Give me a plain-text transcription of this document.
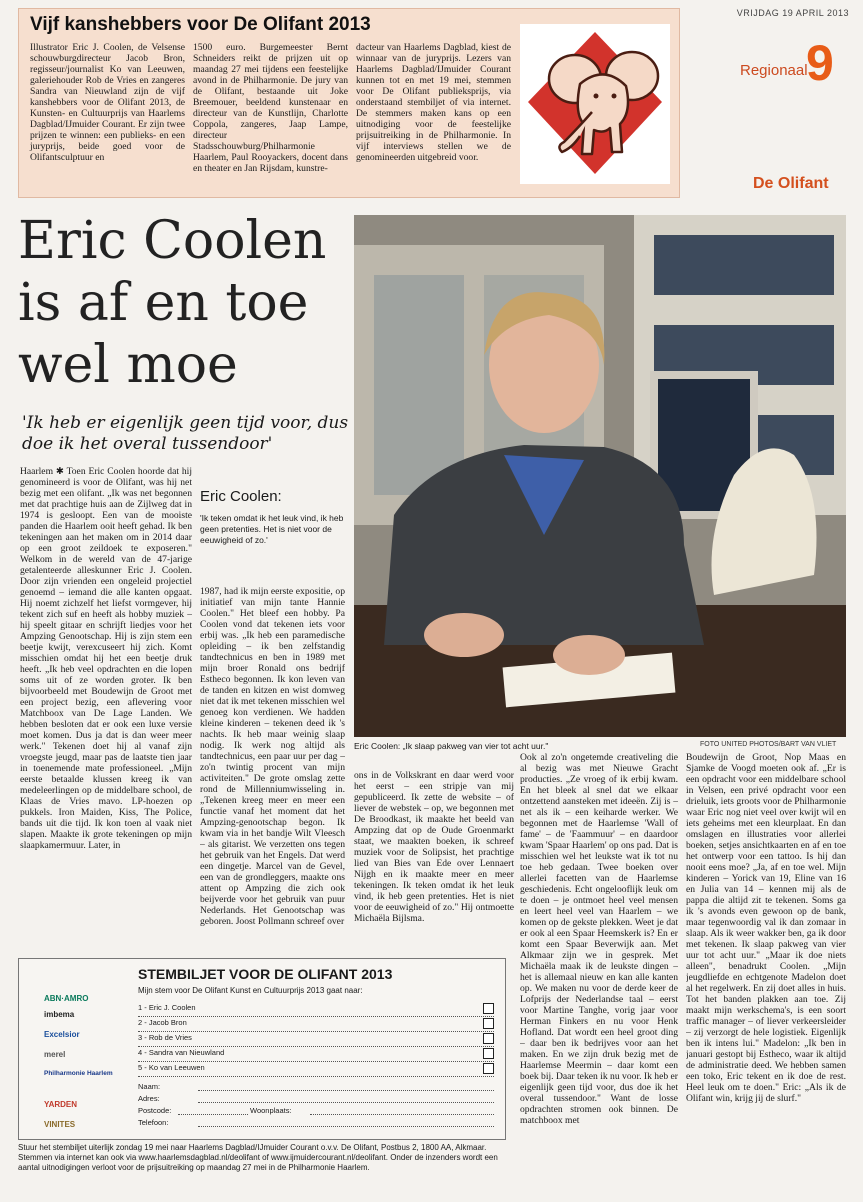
Vijf kanshebbers voor De Olifant 2013
Illustrator Eric J. Coolen, de Velsense schouwburgdirecteur Jacob Bron, regisseur/journalist Ko van Leeuwen, galeriehouder Rob de Vries en zangeres Sandra van Nieuwland zijn de vijf kanshebbers voor de Olifant 2013, de Kunsten- en Cultuurprijs van Haarlems Dagblad/IJmuider Courant. Er zijn twee prijzen te winnen: een publieks- en een juryprijs, beide goed voor de Olifantsculptuur en
1500 euro. Burgemeester Bernt Schneiders reikt de prijzen uit op maandag 27 mei tijdens een feestelijke avond in de Philharmonie. De jury van de Olifant, bestaande uit Joke Breemouer, beeldend kunstenaar en directeur van de Kunstlijn, Charlotte Coppola, zangeres, Jaap Lampe, directeur Stadsschouwburg/Philharmonie Haarlem, Paul Rooyackers, docent dans en theater en Jan Rijsdam, kunstre-
dacteur van Haarlems Dagblad, kiest de winnaar van de juryprijs. Lezers van Haarlems Dagblad/IJmuider Courant kunnen tot en met 19 mei, stemmen voor De Olifant publieksprijs, via onderstaand stembiljet of via internet. De stemmers maken kans op een uitnodiging voor de feestelijke prijsuitreiking in de Philharmonie. In vijf interviews stellen we de genomineerden uitgebreid voor.
VRIJDAG 19 APRIL 2013
Regionaal
9
De Olifant
Eric Coolen
is af en toe
wel moe
'Ik heb er eigenlijk geen tijd voor, dus doe ik het overal tussendoor'
Eric Coolen: „Ik slaap pakweg van vier tot acht uur."	FOTO UNITED PHOTOS/BART VAN VLIET
Eric Coolen:
'Ik teken omdat ik het leuk vind, ik heb geen pretenties. Het is niet voor de eeuwigheid of zo.'
Haarlem ✱ Toen Eric Coolen hoorde dat hij genomineerd is voor de Olifant, was hij net bezig met een olifant. „Ik was net begonnen met dat prachtige huis aan de Zijlweg dat in 1974 is gesloopt. Een van de mooiste panden die Haarlem ooit heeft gehad. Ik ben tekeningen aan het maken om in 2014 daar op een groot zeildoek te exposeren." Welkom in de wereld van de 47-jarige getalenteerde alleskunner Eric J. Coolen. Door zijn vrienden een ongeleid projectiel genoemd – iemand die alle kanten opgaat. Hij noemt zichzelf het liefst vormgever, hij tekent zich suf en heeft als hobby muziek – hij speelt gitaar en schrijft liedjes voor het Ampzing Genootschap. Hij is zijn stem een beetje kwijt, verexcuseert hij zich. Komt misschien omdat hij het een beetje druk heeft. „Ik heb veel opdrachten en die lopen soms uit of ze worden groter. Ik ben bijvoorbeeld met Boudewijn de Groot met een project bezig, een aflevering voor Matchboox van De Lage Landen. We hebben besloten dat er ook een luxe versie moet komen. Dus ja dat is dan weer meer werk." Tekenen doet hij al vanaf zijn vroegste jeugd, maar pas de laatste tien jaar in toenemende mate professioneel. „Mijn eerste betaalde klussen kreeg ik van medeleerlingen op de middelbare school, de Klaas de Vries mavo. LP-hoezen op pukkels. Iron Maiden, Kiss, The Police, bands uit die tijd. Ik kon toen al vaak niet slapen. Maakte ik grote tekeningen op mijn slaapkamermuur. Later, in
1987, had ik mijn eerste expositie, op initiatief van mijn tante Hannie Coolen." Het bleef een hobby. Pa Coolen vond dat tekenen iets voor erbij was. „Ik heb een paramedische opleiding – ik ben zelfstandig tandtechnicus en ben in 1989 met mijn broer Ronald ons bedrijf Estheco begonnen. Ik kon leven van de tanden en kitzen en wist domweg niet dat ik met tekenen misschien wel genoeg kon verdienen. We hadden kleine kinderen – tekenen deed ik 's nachts. Ik heb maar weinig slaap nodig. Ik werk nog altijd als tandtechnicus, een paar uur per dag – zo'n twintig procent van mijn activiteiten." De grote omslag zette rond de Millenniumwisseling in. „Tekenen kreeg meer en meer een functie vanaf het moment dat het Ampzing-genootschap begon. Ik kwam via in het bandje Wilt Vleesch – als gitarist. We verzetten ons tegen het gebruik van het Engels. Dat werd een dingetje. Marcel van de Gevel, een van de grondleggers, maakte ons attent op Ampzing die zich ook beijverde voor het gebruik van puur Nederlands. Het Genootschap was geboren. Joost Pollmann schreef over
ons in de Volkskrant en daar werd voor het eerst – een stripje van mij gepubliceerd. Ik zette de website – of liever de webstek – op, we begonnen met De Broodkast, ik maakte het beeld van Ampzing dat op de Oude Groenmarkt staat, we maakten boeken, ik schreef muziek voor de Solipsist, het prachtige lied van Bies van Ede over Lennaert Nijgh en ik maakte meer en meer tekeningen. Ik teken omdat ik het leuk vind, ik heb geen pretenties. Het is niet voor de eeuwigheid of zo." Hij ontmoette Michaëla Bijlsma.
Ook al zo'n ongetemde creativeling die al bezig was met Nieuwe Gracht producties. „Ze vroeg of ik erbij kwam. En het bleek al snel dat we elkaar ontzettend aansteken met ideeën. Zij is – net als ik – een keiharde werker. We begonnen met de Haarlemse 'Wall of fame' – de 'Faammuur' – en daardoor kwam 'Spaar Haarlem' op ons pad. Dat is misschien wel het leukste wat ik tot nu toe heb gedaan. Twee boeken over allerlei facetten van de Haarlemse geschiedenis. Echt ongelooflijk leuk om te doen – je ontmoet heel veel mensen en leert heel veel van Haarlem – we komen op de gekste plekken. Weet je dat er ook al een Spaar Heemskerk is? En er komt een Spaar Beverwijk aan. Met Alkmaar zijn we in gesprek. Met Michaëla maak ik de leukste dingen – het is allemaal nieuw en kan alle kanten op. We maken nu voor de derde keer de Lofprijs der Nederlandse taal – eerst voor Martine Tanghe, vorig jaar voor Herman Finkers en nu voor Henk Hofland. Dat wordt een heel groot ding – daar ben ik bedrijves voor aan het maken. En we zijn druk bezig met de Haarlemse Meermin – daar komt een boek bij. Daar teken ik nu voor. Ik heb er eigenlijk geen tijd voor, dus doe ik het overal tussendoor." Want de losse opdrachten stromen ook binnen. De matchboox met
Boudewijn de Groot, Nop Maas en Sjamke de Voogd moeten ook af. „Er is een opdracht voor een middelbare school in Velsen, een privé opdracht voor een drieluik, iets groots voor de Philharmonie waar Eric nog niet veel over kwijt wil en iets geheims met een kleurplaat. En dan omslagen en illustraties voor allerlei boeken, setjes ansichtkaarten en af en toe het ontwerp voor een tattoo. Is hij dan nooit eens moe? „Ja, af en toe wel. Mijn kinderen – Yorick van 19, Eline van 16 en Julia van 14 – kennen mij als de pappa die altijd zit te tekenen. Soms ga ik 's avonds even gewoon op de bank, maar tegenwoordig val ik dan zomaar in slaap. Als ik weer wakker ben, ga ik door met tekenen. Ik slaap pakweg van vier uur tot acht uur." „Maar ik doe niets alleen", benadrukt Coolen. „Mijn jeugdliefde en echtgenote Madelon doet al het regelwerk. En zij doet alles in huis. Tot het banden plakken aan toe. Zij maakt mijn werkschema's, is een soort traffic manager – of liever verkeersleider – zij verzorgt de hele logistiek. Eigenlijk ben ik intens lui." Madelon: „Ik ben in januari gestopt bij Estheco, waar ik altijd de administratie deed. We hebben samen een toko, Eric tekent en ik doe de rest. Heel leuk om te doen." Eric: „Als ik de Olifant win, krijg jij de slurf."
STEMBILJET VOOR DE OLIFANT 2013
Mijn stem voor De Olifant Kunst en Cultuurprijs 2013 gaat naar:
ABN·AMRO
imbema
Excelsior
merel
Philharmonie Haarlem
YARDEN
VINITES
1 - Eric J. Coolen
2 - Jacob Bron
3 - Rob de Vries
4 - Sandra van Nieuwland
5 - Ko van Leeuwen
Naam:
Adres:
Postcode:	Woonplaats:
Telefoon:
Stuur het stembiljet uiterlijk zondag 19 mei naar Haarlems Dagblad/IJmuider Courant o.v.v. De Olifant, Postbus 2, 1800 AA, Alkmaar. Stemmen via internet kan ook via www.haarlemsdagblad.nl/deolifant of www.ijmuidercourant.nl/deolifant. Onder de inzenders wordt een aantal uitnodigingen verloot voor de prijsuitreiking op maandag 27 mei in de Philharmonie Haarlem.
